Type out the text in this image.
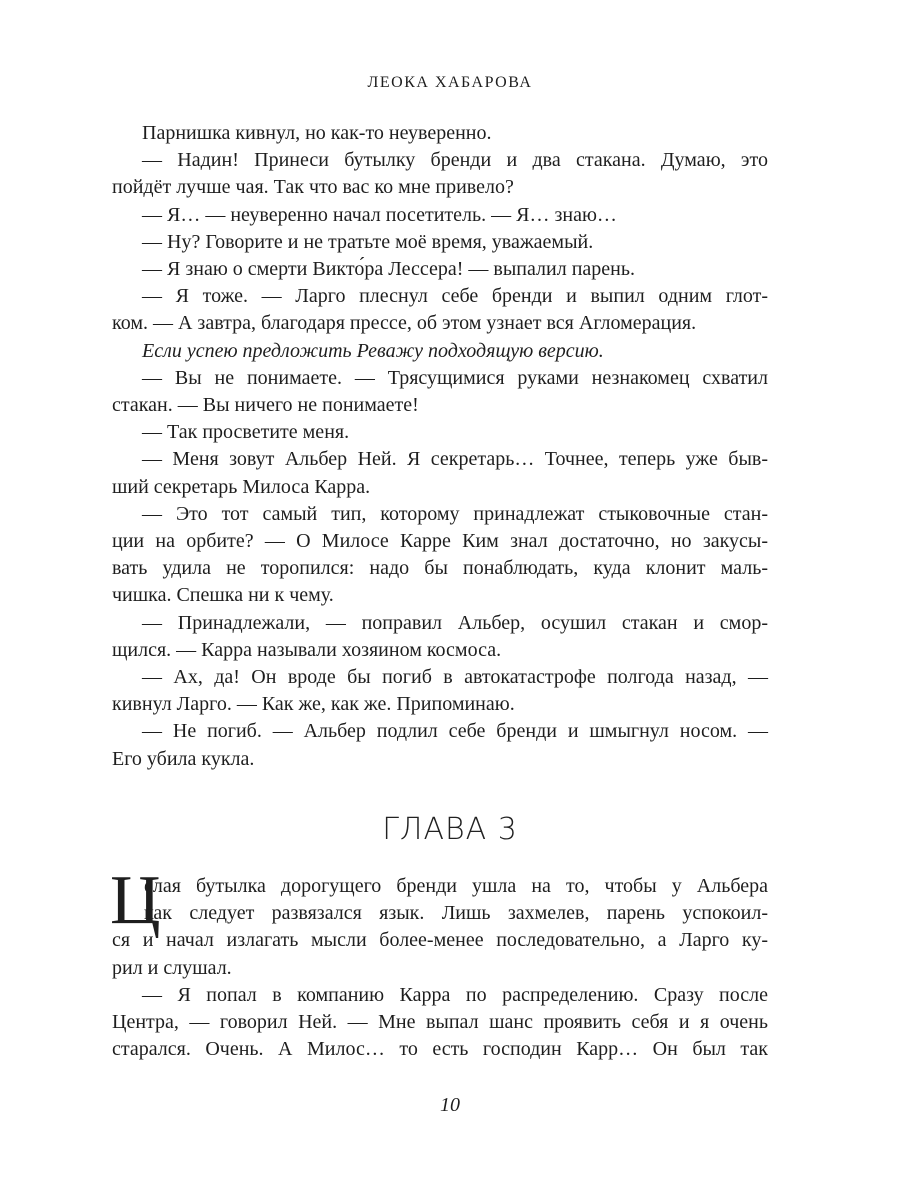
ЛЕОКА ХАБАРОВА
Парнишка кивнул, но как-то неуверенно.
— Надин! Принеси бутылку бренди и два стакана. Думаю, это
пойдёт лучше чая. Так что вас ко мне привело?
— Я… — неуверенно начал посетитель. — Я… знаю…
— Ну? Говорите и не тратьте моё время, уважаемый.
— Я знаю о смерти Викто́ра Лессера! — выпалил парень.
— Я тоже. — Ларго плеснул себе бренди и выпил одним глот-
ком. — А завтра, благодаря прессе, об этом узнает вся Агломерация.
Если успею предложить Реважу подходящую версию.
— Вы не понимаете. — Трясущимися руками незнакомец схватил
стакан. — Вы ничего не понимаете!
— Так просветите меня.
— Меня зовут Альбер Ней. Я секретарь… Точнее, теперь уже быв-
ший секретарь Милоса Карра.
— Это тот самый тип, которому принадлежат стыковочные стан-
ции на орбите? — О Милосе Карре Ким знал достаточно, но закусы-
вать удила не торопился: надо бы понаблюдать, куда клонит маль-
чишка. Спешка ни к чему.
— Принадлежали, — поправил Альбер, осушил стакан и смор-
щился. — Карра называли хозяином космоса.
— Ах, да! Он вроде бы погиб в автокатастрофе полгода назад, —
кивнул Ларго. — Как же, как же. Припоминаю.
— Не погиб. — Альбер подлил себе бренди и шмыгнул носом. —
Его убила кукла.
ГЛАВА 3
Ц
елая бутылка дорогущего бренди ушла на то, чтобы у Альбера
как следует развязался язык. Лишь захмелев, парень успокоил-
ся и начал излагать мысли более-менее последовательно, а Ларго ку-
рил и слушал.
— Я попал в компанию Карра по распределению. Сразу после
Центра, — говорил Ней. — Мне выпал шанс проявить себя и я очень
старался. Очень. А Милос… то есть господин Карр… Он был так
10
